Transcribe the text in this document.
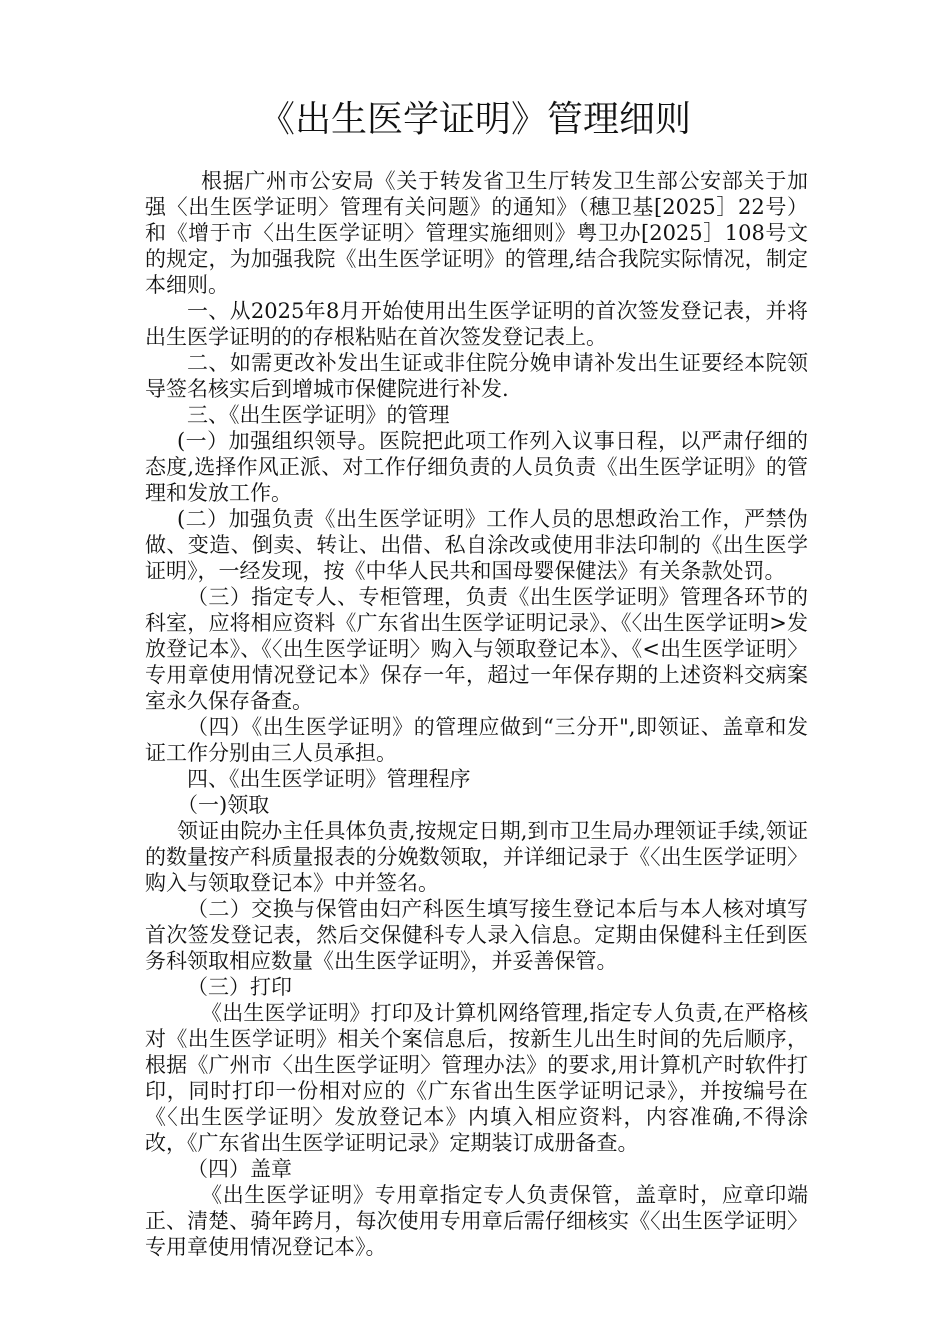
《出生医学证明》管理细则

根据广州市公安局《关于转发省卫生厅转发卫生部公安部关于加强〈出生医学证明〉管理有关问题》的通知》（穗卫基[2025］22号）和《增于市〈出生医学证明〉管理实施细则》粤卫办[2025］108号文的规定，为加强我院《出生医学证明》的管理,结合我院实际情况，制定本细则。

一、从2025年8月开始使用出生医学证明的首次签发登记表，并将出生医学证明的的存根粘贴在首次签发登记表上。

二、如需更改补发出生证或非住院分娩申请补发出生证要经本院领导签名核实后到增城市保健院进行补发.

三、《出生医学证明》的管理

(一）加强组织领导。医院把此项工作列入议事日程，以严肃仔细的态度,选择作风正派、对工作仔细负责的人员负责《出生医学证明》的管理和发放工作。

(二）加强负责《出生医学证明》工作人员的思想政治工作，严禁伪做、变造、倒卖、转让、出借、私自涂改或使用非法印制的《出生医学证明》，一经发现，按《中华人民共和国母婴保健法》有关条款处罚。

（三）指定专人、专柜管理，负责《出生医学证明》管理各环节的科室，应将相应资料《广东省出生医学证明记录》、《〈出生医学证明>发放登记本》、《〈出生医学证明〉购入与领取登记本》、《<出生医学证明〉专用章使用情况登记本》保存一年，超过一年保存期的上述资料交病案室永久保存备查。

（四）《出生医学证明》的管理应做到“三分开",即领证、盖章和发证工作分别由三人员承担。

四、《出生医学证明》管理程序

（一)领取

领证由院办主任具体负责,按规定日期,到市卫生局办理领证手续,领证的数量按产科质量报表的分娩数领取，并详细记录于《〈出生医学证明〉购入与领取登记本》中并签名。

（二）交换与保管由妇产科医生填写接生登记本后与本人核对填写首次签发登记表，然后交保健科专人录入信息。定期由保健科主任到医务科领取相应数量《出生医学证明》，并妥善保管。

（三）打印

《出生医学证明》打印及计算机网络管理,指定专人负责,在严格核对《出生医学证明》相关个案信息后，按新生儿出生时间的先后顺序，根据《广州市〈出生医学证明〉管理办法》的要求,用计算机产时软件打印，同时打印一份相对应的《广东省出生医学证明记录》，并按编号在《〈出生医学证明〉发放登记本》内填入相应资料，内容准确,不得涂改，《广东省出生医学证明记录》定期装订成册备查。

（四）盖章

《出生医学证明》专用章指定专人负责保管，盖章时，应章印端正、清楚、骑年跨月，每次使用专用章后需仔细核实《〈出生医学证明〉专用章使用情况登记本》。
